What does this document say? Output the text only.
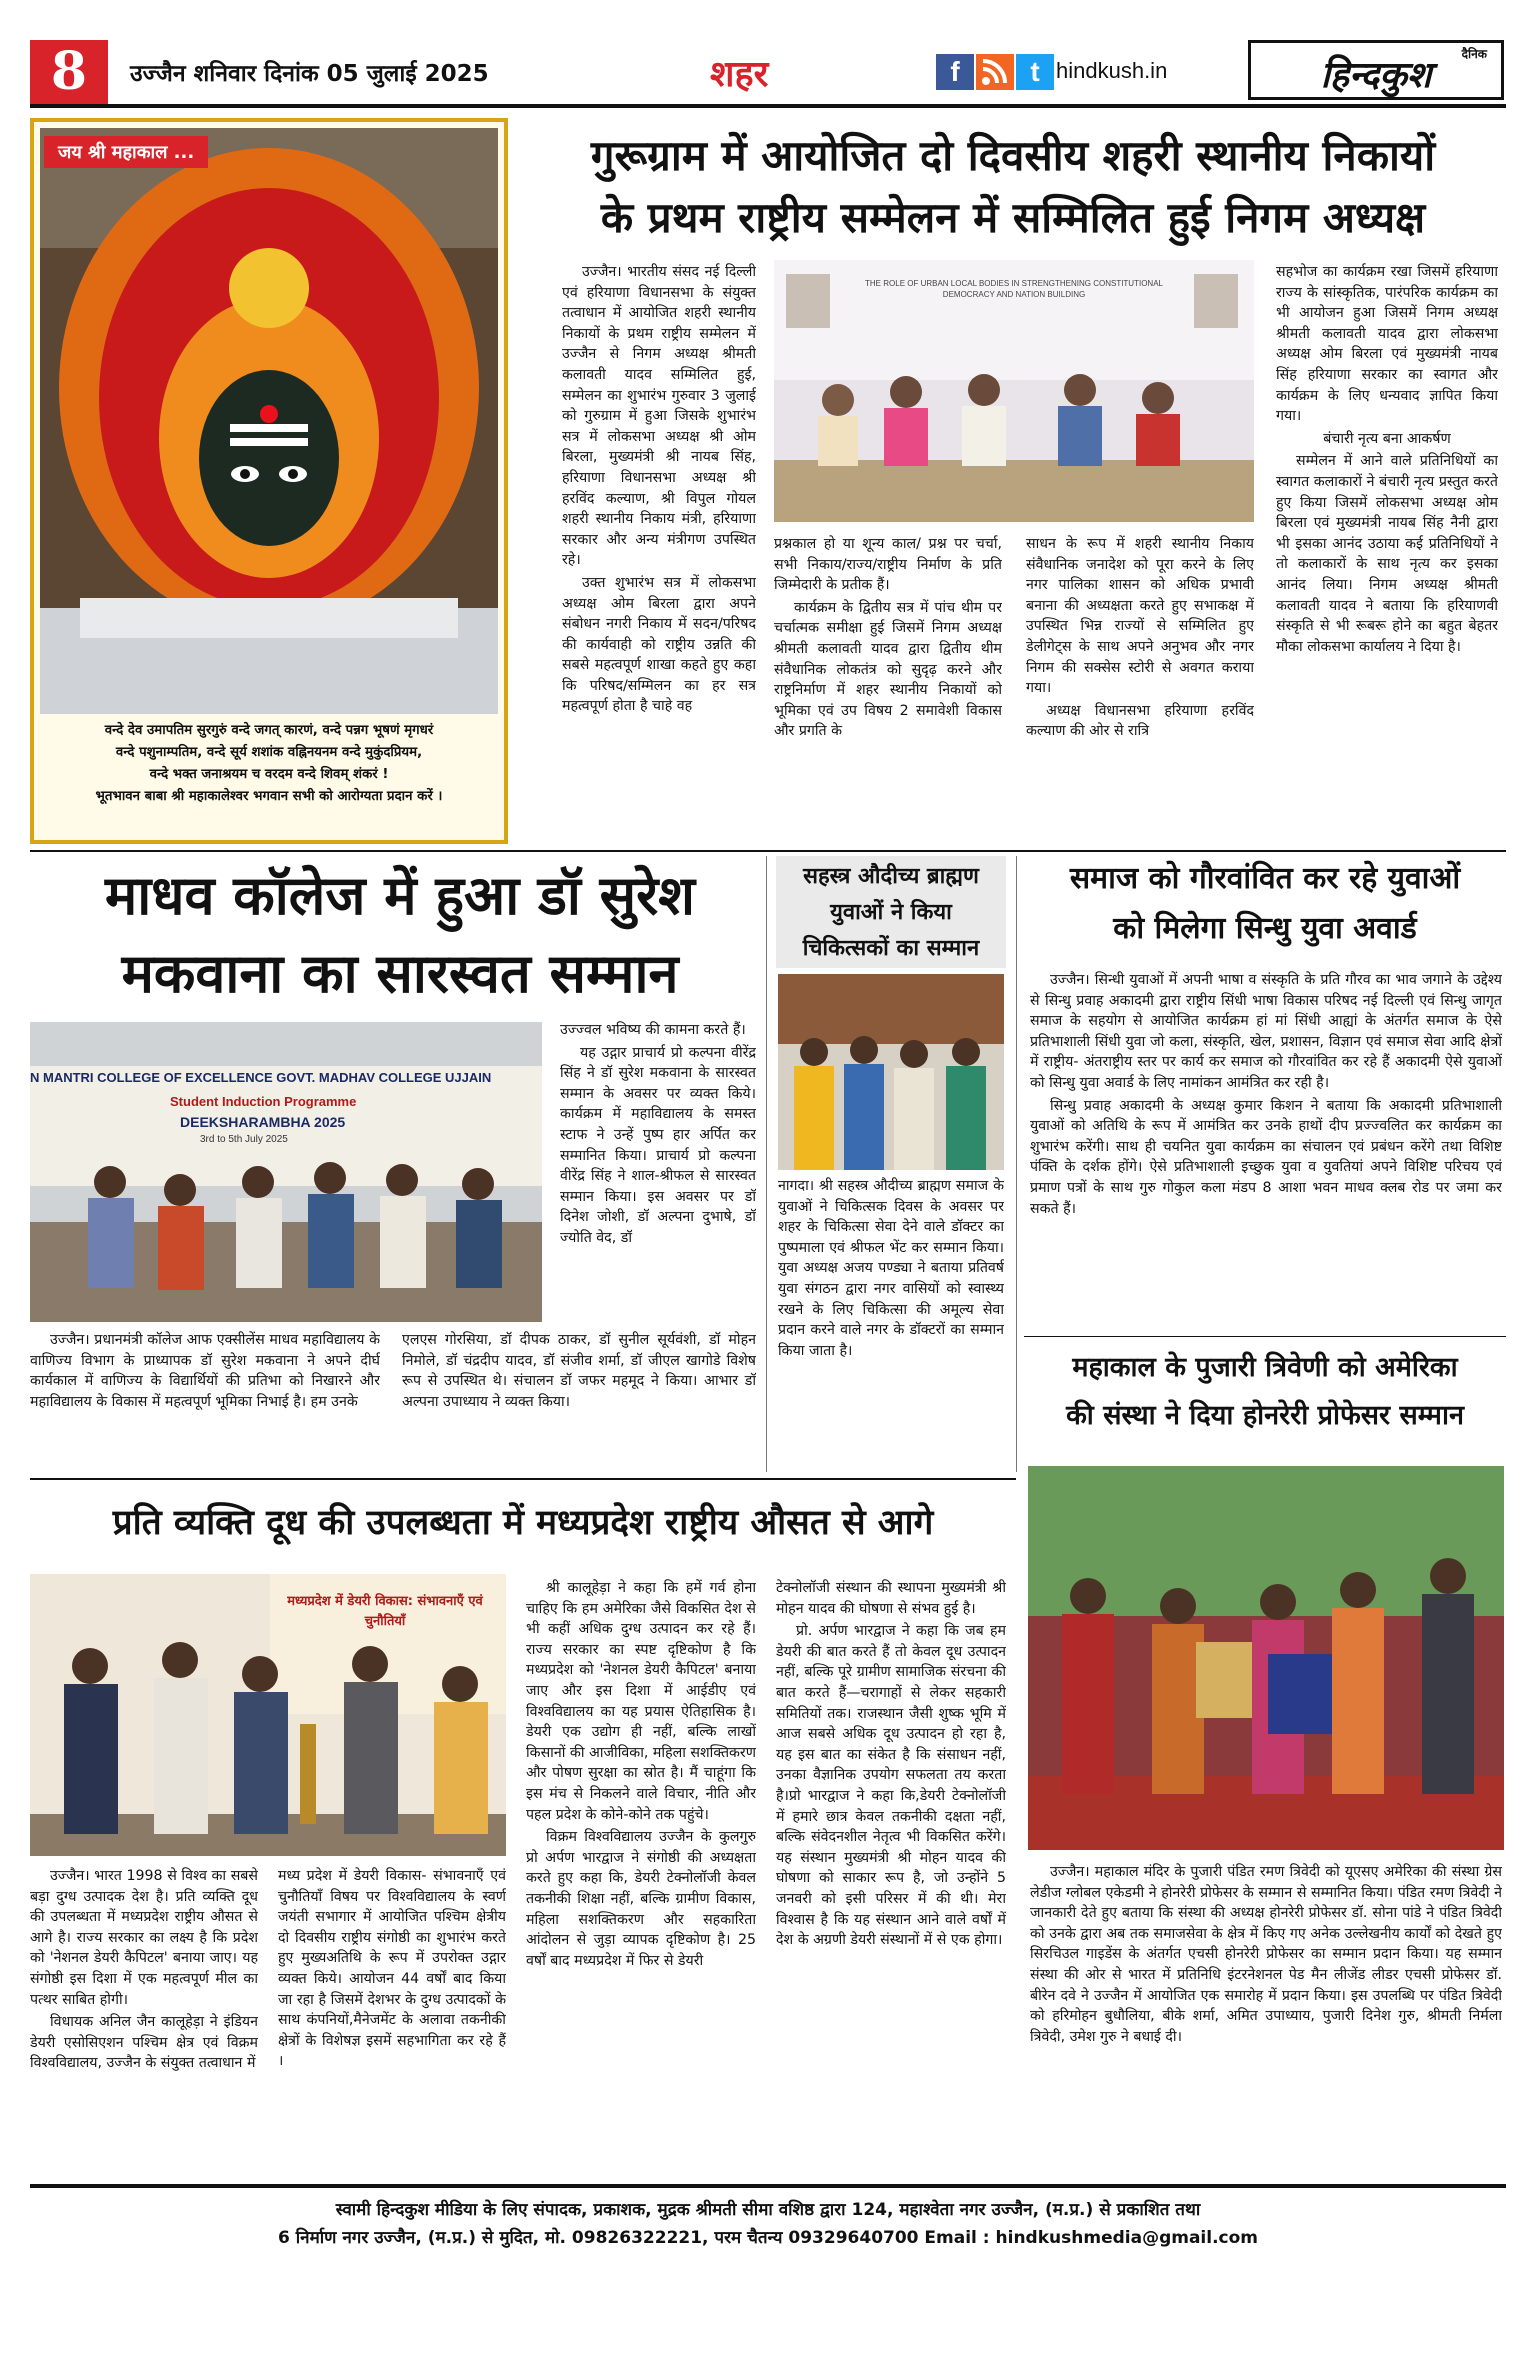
8	उज्जैन शनिवार दिनांक 05 जुलाई 2025	शहर	f	t hindkush.in
दैनिक
हिन्दकुश
जय श्री महाकाल ...
वन्दे देव उमापतिम सुरगुरुं वन्दे जगत् कारणं, वन्दे पन्नग भूषणं मृगधरं
वन्दे पशुनाम्पतिम, वन्दे सूर्य शशांक वह्निनयनम वन्दे मुकुंदप्रियम,
वन्दे भक्त जनाश्रयम च वरदम वन्दे शिवम् शंकरं !
भूतभावन बाबा श्री महाकालेश्वर भगवान सभी को आरोग्यता प्रदान करें ।
गुरूग्राम में आयोजित दो दिवसीय शहरी स्थानीय निकायों
के प्रथम राष्ट्रीय सम्मेलन में सम्मिलित हुई निगम अध्यक्ष

उज्जैन। भारतीय संसद नई दिल्ली एवं हरियाणा विधानसभा के संयुक्त तत्वाधान में आयोजित शहरी स्थानीय निकायों के प्रथम राष्ट्रीय सम्मेलन में उज्जैन से निगम अध्यक्ष श्रीमती कलावती यादव सम्मिलित हुई, सम्मेलन का शुभारंभ गुरुवार 3 जुलाई को गुरुग्राम में हुआ जिसके शुभारंभ सत्र में लोकसभा अध्यक्ष श्री ओम बिरला, मुख्यमंत्री श्री नायब सिंह, हरियाणा विधानसभा अध्यक्ष श्री हरविंद कल्याण, श्री विपुल गोयल शहरी स्थानीय निकाय मंत्री, हरियाणा सरकार और अन्य मंत्रीगण उपस्थित रहे।

उक्त शुभारंभ सत्र में लोकसभा अध्यक्ष ओम बिरला द्वारा अपने संबोधन नगरी निकाय में सदन/परिषद की कार्यवाही को राष्ट्रीय उन्नति की सबसे महत्वपूर्ण शाखा कहते हुए कहा कि परिषद/सम्मिलन का हर सत्र महत्वपूर्ण होता है चाहे वह

THE ROLE OF URBAN LOCAL BODIES IN STRENGTHENING CONSTITUTIONAL DEMOCRACY AND NATION BUILDING

प्रश्नकाल हो या शून्य काल/ प्रश्न पर चर्चा, सभी निकाय/राज्य/राष्ट्रीय निर्माण के प्रति जिम्मेदारी के प्रतीक हैं।

कार्यक्रम के द्वितीय सत्र में पांच थीम पर चर्चात्मक समीक्षा हुई जिसमें निगम अध्यक्ष श्रीमती कलावती यादव द्वारा द्वितीय थीम संवैधानिक लोकतंत्र को सुदृढ़ करने और राष्ट्रनिर्माण में शहर स्थानीय निकायों को भूमिका एवं उप विषय 2 समावेशी विकास और प्रगति के

साधन के रूप में शहरी स्थानीय निकाय संवैधानिक जनादेश को पूरा करने के लिए नगर पालिका शासन को अधिक प्रभावी बनाना की अध्यक्षता करते हुए सभाकक्ष में उपस्थित भिन्न राज्यों से सम्मिलित हुए डेलीगेट्स के साथ अपने अनुभव और नगर निगम की सक्सेस स्टोरी से अवगत कराया गया।

अध्यक्ष विधानसभा हरियाणा हरविंद कल्याण की ओर से रात्रि

सहभोज का कार्यक्रम रखा जिसमें हरियाणा राज्य के सांस्कृतिक, पारंपरिक कार्यक्रम का भी आयोजन हुआ जिसमें निगम अध्यक्ष श्रीमती कलावती यादव द्वारा लोकसभा अध्यक्ष ओम बिरला एवं मुख्यमंत्री नायब सिंह हरियाणा सरकार का स्वागत और कार्यक्रम के लिए धन्यवाद ज्ञापित किया गया।

बंचारी नृत्य बना आकर्षण

सम्मेलन में आने वाले प्रतिनिधियों का स्वागत कलाकारों ने बंचारी नृत्य प्रस्तुत करते हुए किया जिसमें लोकसभा अध्यक्ष ओम बिरला एवं मुख्यमंत्री नायब सिंह नैनी द्वारा भी इसका आनंद उठाया कई प्रतिनिधियों ने तो कलाकारों के साथ नृत्य कर इसका आनंद लिया। निगम अध्यक्ष श्रीमती कलावती यादव ने बताया कि हरियाणवी संस्कृति से भी रूबरू होने का बहुत बेहतर मौका लोकसभा कार्यालय ने दिया है।

माधव कॉलेज में हुआ डॉ सुरेश
मकवाना का सारस्वत सम्मान
N MANTRI COLLEGE OF EXCELLENCE GOVT. MADHAV COLLEGE UJJAIN
Student Induction Programme
DEEKSHARAMBHA 2025
3rd to 5th July 2025

उज्ज्वल भविष्य की कामना करते हैं।

यह उद्गार प्राचार्य प्रो कल्पना वीरेंद्र सिंह ने डॉ सुरेश मकवाना के सारस्वत सम्मान के अवसर पर व्यक्त किये। कार्यक्रम में महाविद्यालय के समस्त स्टाफ ने उन्हें पुष्प हार अर्पित कर सम्मानित किया। प्राचार्य प्रो कल्पना वीरेंद्र सिंह ने शाल-श्रीफल से सारस्वत सम्मान किया। इस अवसर पर डॉ दिनेश जोशी, डॉ अल्पना दुभाषे, डॉ ज्योति वेद, डॉ

उज्जैन। प्रधानमंत्री कॉलेज आफ एक्सीलेंस माधव महाविद्यालय के वाणिज्य विभाग के प्राध्यापक डॉ सुरेश मकवाना ने अपने दीर्घ कार्यकाल में वाणिज्य के विद्यार्थियों की प्रतिभा को निखारने और महाविद्यालय के विकास में महत्वपूर्ण भूमिका निभाई है। हम उनके

एलएस गोरसिया, डॉ दीपक ठाकर, डॉ सुनील सूर्यवंशी, डॉ मोहन निमोले, डॉ चंद्रदीप यादव, डॉ संजीव शर्मा, डॉ जीएल खागोडे विशेष रूप से उपस्थित थे। संचालन डॉ जफर महमूद ने किया। आभार डॉ अल्पना उपाध्याय ने व्यक्त किया।

सहस्त्र औदीच्य ब्राह्मण
युवाओं ने किया
चिकित्सकों का सम्मान

नागदा। श्री सहस्त्र औदीच्य ब्राह्मण समाज के युवाओं ने चिकित्सक दिवस के अवसर पर शहर के चिकित्सा सेवा देने वाले डॉक्टर का पुष्पमाला एवं श्रीफल भेंट कर सम्मान किया। युवा अध्यक्ष अजय पण्ड्या ने बताया प्रतिवर्ष युवा संगठन द्वारा नगर वासियों को स्वास्थ्य रखने के लिए चिकित्सा की अमूल्य सेवा प्रदान करने वाले नगर के डॉक्टरों का सम्मान किया जाता है।

समाज को गौरवांवित कर रहे युवाओं
को मिलेगा सिन्धु युवा अवार्ड

उज्जैन। सिन्धी युवाओं में अपनी भाषा व संस्कृति के प्रति गौरव का भाव जगाने के उद्देश्य से सिन्धु प्रवाह अकादमी द्वारा राष्ट्रीय सिंधी भाषा विकास परिषद नई दिल्ली एवं सिन्धु जागृत समाज के सहयोग से आयोजित कार्यक्रम हां मां सिंधी आह्यां के अंतर्गत समाज के ऐसे प्रतिभाशाली सिंधी युवा जो कला, संस्कृति, खेल, प्रशासन, विज्ञान एवं समाज सेवा आदि क्षेत्रों में राष्ट्रीय- अंतराष्ट्रीय स्तर पर कार्य कर समाज को गौरवांवित कर रहे हैं अकादमी ऐसे युवाओं को सिन्धु युवा अवार्ड के लिए नामांकन आमंत्रित कर रही है।

सिन्धु प्रवाह अकादमी के अध्यक्ष कुमार किशन ने बताया कि अकादमी प्रतिभाशाली युवाओं को अतिथि के रूप में आमंत्रित कर उनके हाथों दीप प्रज्ज्वलित कर कार्यक्रम का शुभारंभ करेंगी। साथ ही चयनित युवा कार्यक्रम का संचालन एवं प्रबंधन करेंगे तथा विशिष्ट पंक्ति के दर्शक होंगे। ऐसे प्रतिभाशाली इच्छुक युवा व युवतियां अपने विशिष्ट परिचय एवं प्रमाण पत्रों के साथ गुरु गोकुल कला मंडप 8 आशा भवन माधव क्लब रोड पर जमा कर सकते हैं।

महाकाल के पुजारी त्रिवेणी को अमेरिका
की संस्था ने दिया होनरेरी प्रोफेसर सम्मान

उज्जैन। महाकाल मंदिर के पुजारी पंडित रमण त्रिवेदी को यूएसए अमेरिका की संस्था ग्रेस लेडीज ग्लोबल एकेडमी ने होनरेरी प्रोफेसर के सम्मान से सम्मानित किया। पंडित रमण त्रिवेदी ने जानकारी देते हुए बताया कि संस्था की अध्यक्ष होनरेरी प्रोफेसर डॉ. सोना पांडे ने पंडित त्रिवेदी को उनके द्वारा अब तक समाजसेवा के क्षेत्र में किए गए अनेक उल्लेखनीय कार्यों को देखते हुए सिरचिउल गाइडेंस के अंतर्गत एचसी होनरेरी प्रोफेसर का सम्मान प्रदान किया। यह सम्मान संस्था की ओर से भारत में प्रतिनिधि इंटरनेशनल पेड मैन लीजेंड लीडर एचसी प्रोफेसर डॉ. बीरेन दवे ने उज्जैन में आयोजित एक समारोह में प्रदान किया। इस उपलब्धि पर पंडित त्रिवेदी को हरिमोहन बुधौलिया, बीके शर्मा, अमित उपाध्याय, पुजारी दिनेश गुरु, श्रीमती निर्मला त्रिवेदी, उमेश गुरु ने बधाई दी।

प्रति व्यक्ति दूध की उपलब्धता में मध्यप्रदेश राष्ट्रीय औसत से आगे
मध्यप्रदेश में डेयरी विकास: संभावनाएँ एवं चुनौतियाँ

उज्जैन। भारत 1998 से विश्व का सबसे बड़ा दुग्ध उत्पादक देश है। प्रति व्यक्ति दूध की उपलब्धता में मध्यप्रदेश राष्ट्रीय औसत से आगे है। राज्य सरकार का लक्ष्य है कि प्रदेश को 'नेशनल डेयरी कैपिटल' बनाया जाए। यह संगोष्ठी इस दिशा में एक महत्वपूर्ण मील का पत्थर साबित होगी।

विधायक अनिल जैन कालूहेड़ा ने इंडियन डेयरी एसोसिएशन पश्चिम क्षेत्र एवं विक्रम विश्वविद्यालय, उज्जैन के संयुक्त तत्वाधान में

मध्य प्रदेश में डेयरी विकास- संभावनाएँ एवं चुनौतियाँ विषय पर विश्वविद्यालय के स्वर्ण जयंती सभागार में आयोजित पश्चिम क्षेत्रीय दो दिवसीय राष्ट्रीय संगोष्ठी का शुभारंभ करते हुए मुख्यअतिथि के रूप में उपरोक्त उद्गार व्यक्त किये। आयोजन 44 वर्षों बाद किया जा रहा है जिसमें देशभर के दुग्ध उत्पादकों के साथ कंपनियों,मैनेजमेंट के अलावा तकनीकी क्षेत्रों के विशेषज्ञ इसमें सहभागिता कर रहे हैं ।

श्री कालूहेड़ा ने कहा कि हमें गर्व होना चाहिए कि हम अमेरिका जैसे विकसित देश से भी कहीं अधिक दुग्ध उत्पादन कर रहे हैं। राज्य सरकार का स्पष्ट दृष्टिकोण है कि मध्यप्रदेश को 'नेशनल डेयरी कैपिटल' बनाया जाए और इस दिशा में आईडीए एवं विश्वविद्यालय का यह प्रयास ऐतिहासिक है। डेयरी एक उद्योग ही नहीं, बल्कि लाखों किसानों की आजीविका, महिला सशक्तिकरण और पोषण सुरक्षा का स्रोत है। मैं चाहूंगा कि इस मंच से निकलने वाले विचार, नीति और पहल प्रदेश के कोने-कोने तक पहुंचे।

विक्रम विश्वविद्यालय उज्जैन के कुलगुरु प्रो अर्पण भारद्वाज ने संगोष्ठी की अध्यक्षता करते हुए कहा कि, डेयरी टेक्नोलॉजी केवल तकनीकी शिक्षा नहीं, बल्कि ग्रामीण विकास, महिला सशक्तिकरण और सहकारिता आंदोलन से जुड़ा व्यापक दृष्टिकोण है। 25 वर्षों बाद मध्यप्रदेश में फिर से डेयरी

टेक्नोलॉजी संस्थान की स्थापना मुख्यमंत्री श्री मोहन यादव की घोषणा से संभव हुई है।

प्रो. अर्पण भारद्वाज ने कहा कि जब हम डेयरी की बात करते हैं तो केवल दूध उत्पादन नहीं, बल्कि पूरे ग्रामीण सामाजिक संरचना की बात करते हैं—चरागाहों से लेकर सहकारी समितियों तक। राजस्थान जैसी शुष्क भूमि में आज सबसे अधिक दूध उत्पादन हो रहा है, यह इस बात का संकेत है कि संसाधन नहीं, उनका वैज्ञानिक उपयोग सफलता तय करता है।प्रो भारद्वाज ने कहा कि,डेयरी टेक्नोलॉजी में हमारे छात्र केवल तकनीकी दक्षता नहीं, बल्कि संवेदनशील नेतृत्व भी विकसित करेंगे। यह संस्थान मुख्यमंत्री श्री मोहन यादव की घोषणा को साकार रूप है, जो उन्होंने 5 जनवरी को इसी परिसर में की थी। मेरा विश्वास है कि यह संस्थान आने वाले वर्षों में देश के अग्रणी डेयरी संस्थानों में से एक होगा।

स्वामी हिन्दकुश मीडिया के लिए संपादक, प्रकाशक, मुद्रक श्रीमती सीमा वशिष्ठ द्वारा 124, महाश्वेता नगर उज्जैन, (म.प्र.) से प्रकाशित तथा
6 निर्माण नगर उज्जैन, (म.प्र.) से मुदित, मो. 09826322221, परम चैतन्य 09329640700 Email : hindkushmedia@gmail.com
